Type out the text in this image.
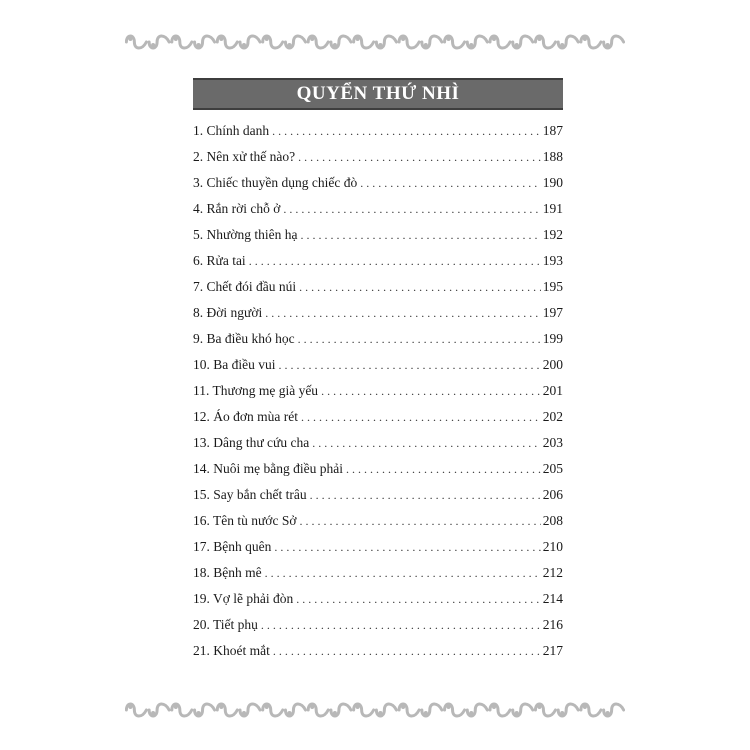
QUYỂN THỨ NHÌ
1. Chính danh . . .	187
2. Nên xử thế nào? . . .	188
3. Chiếc thuyền dụng chiếc đò . . .	190
4. Rắn rời chỗ ở . . .	191
5. Nhường thiên hạ . . .	192
6. Rửa tai . . .	193
7. Chết đói đầu núi . . .	195
8. Đời người . . .	197
9. Ba điều khó học . . .	199
10. Ba điều vui . . .	200
11. Thương mẹ già yếu . . .	201
12. Áo đơn mùa rét . . .	202
13. Dâng thư cứu cha . . .	203
14. Nuôi mẹ bằng điều phải . . .	205
15. Say bắn chết trâu . . .	206
16. Tên tù nước Sở . . .	208
17. Bệnh quên . . .	210
18. Bệnh mê . . .	212
19. Vợ lẽ phải đòn . . .	214
20. Tiết phụ . . .	216
21. Khoét mắt . . .	217
